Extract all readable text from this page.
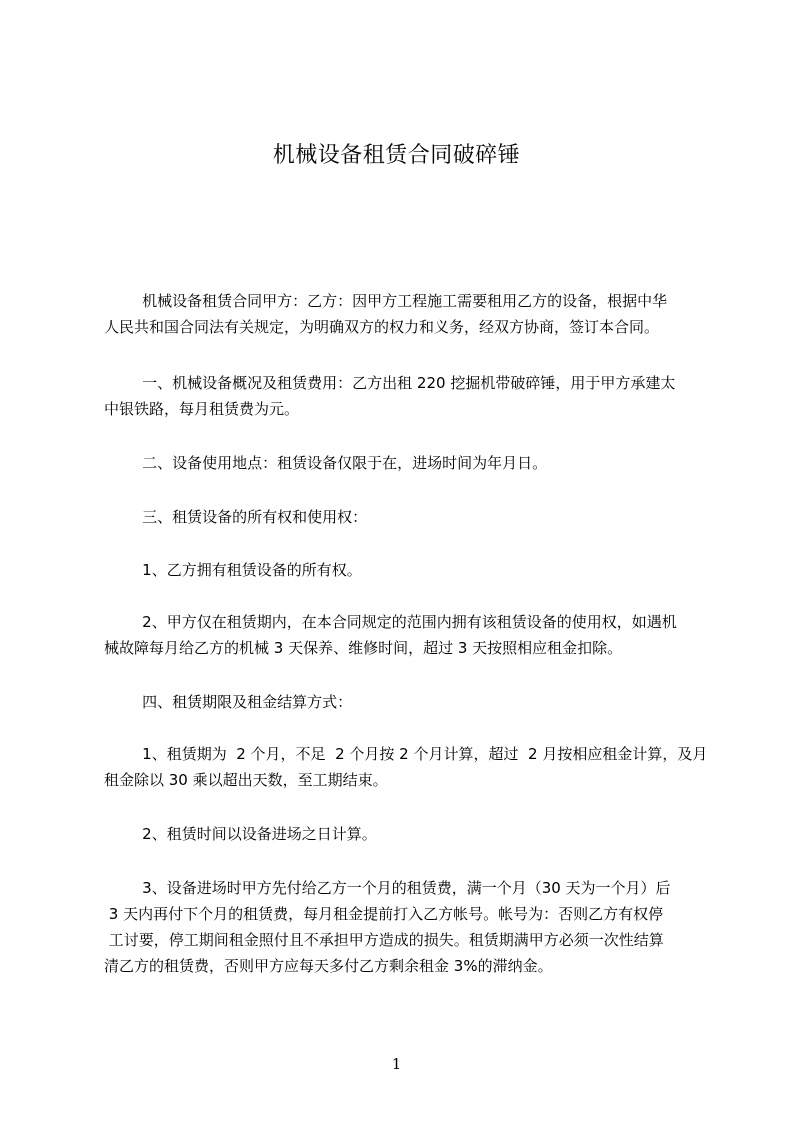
机械设备租赁合同破碎锤
机械设备租赁合同甲方：乙方：因甲方工程施工需要租用乙方的设备，根据中华
人民共和国合同法有关规定，为明确双方的权力和义务，经双方协商，签订本合同。
一、机械设备概况及租赁费用：乙方出租 220 挖掘机带破碎锤，用于甲方承建太
中银铁路，每月租赁费为元。
二、设备使用地点：租赁设备仅限于在，进场时间为年月日。
三、租赁设备的所有权和使用权：
1、乙方拥有租赁设备的所有权。
2、甲方仅在租赁期内，在本合同规定的范围内拥有该租赁设备的使用权，如遇机
械故障每月给乙方的机械 3 天保养、维修时间，超过 3 天按照相应租金扣除。
四、租赁期限及租金结算方式：
1、租赁期为  2 个月，不足  2 个月按 2 个月计算，超过  2 月按相应租金计算，及月
租金除以 30 乘以超出天数，至工期结束。
2、租赁时间以设备进场之日计算。
3、设备进场时甲方先付给乙方一个月的租赁费，满一个月（30 天为一个月）后
3 天内再付下个月的租赁费，每月租金提前打入乙方帐号。帐号为：否则乙方有权停
工讨要，停工期间租金照付且不承担甲方造成的损失。租赁期满甲方必须一次性结算
清乙方的租赁费，否则甲方应每天多付乙方剩余租金 3%的滞纳金。
1
